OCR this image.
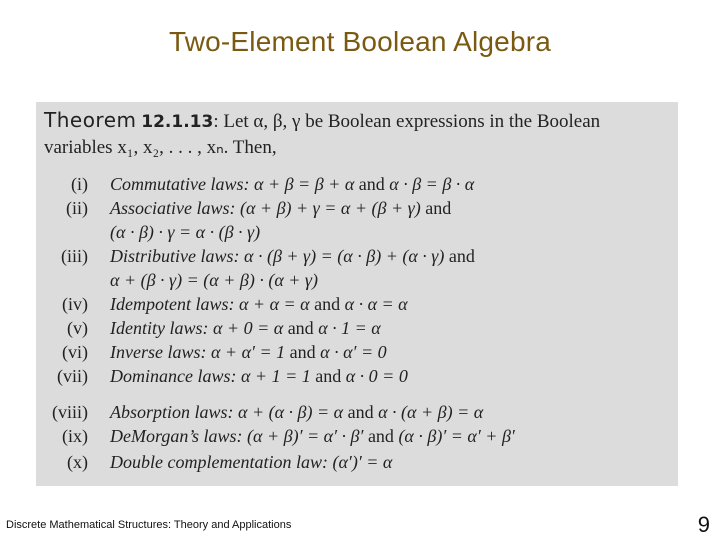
Two-Element Boolean Algebra
Theorem 12.1.13: Let α, β, γ be Boolean expressions in the Boolean
variables x₁, x₂, . . . , xₙ. Then,
(i) Commutative laws: α + β = β + α and α · β = β · α
(ii) Associative laws: (α + β) + γ = α + (β + γ) and
(α · β) · γ = α · (β · γ)
(iii) Distributive laws: α · (β + γ) = (α · β) + (α · γ) and
α + (β · γ) = (α + β) · (α + γ)
(iv) Idempotent laws: α + α = α and α · α = α
(v) Identity laws: α + 0 = α and α · 1 = α
(vi) Inverse laws: α + α′ = 1 and α · α′ = 0
(vii) Dominance laws: α + 1 = 1 and α · 0 = 0
(viii) Absorption laws: α + (α · β) = α and α · (α + β) = α
(ix) DeMorgan’s laws: (α + β)′ = α′ · β′ and (α · β)′ = α′ + β′
(x) Double complementation law: (α′)′ = α
Discrete Mathematical Structures: Theory and Applications	9
